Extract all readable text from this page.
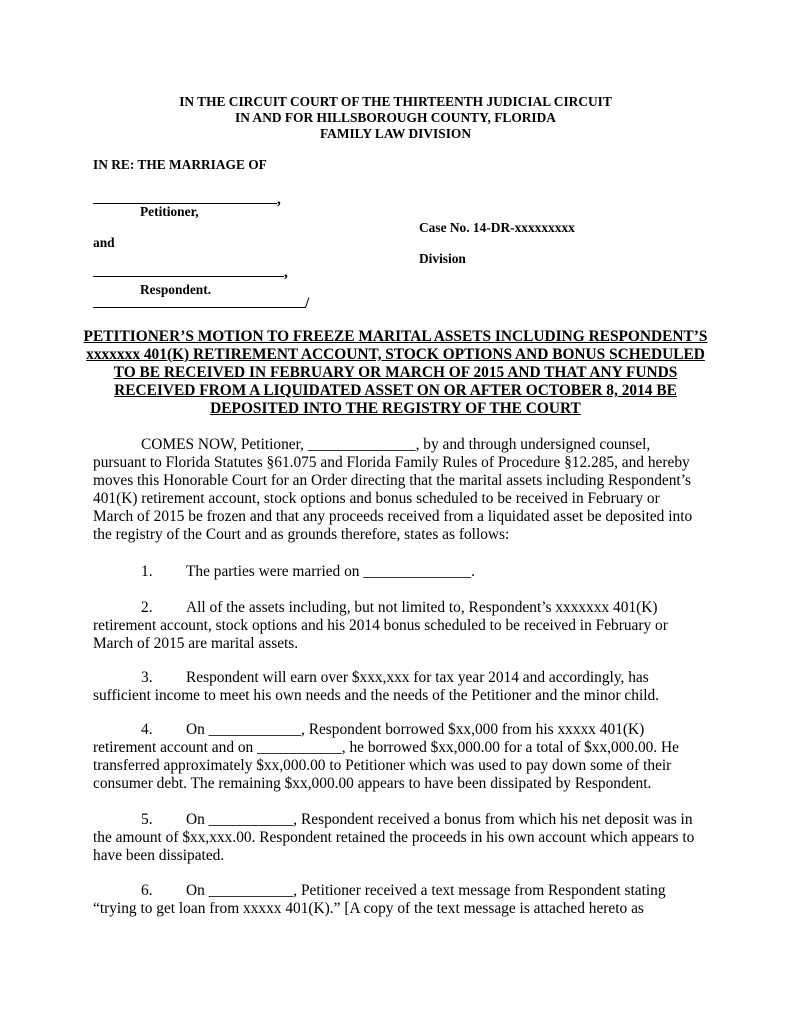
IN THE CIRCUIT COURT OF THE THIRTEENTH JUDICIAL CIRCUIT
IN AND FOR HILLSBOROUGH COUNTY, FLORIDA
FAMILY LAW DIVISION
IN RE: THE MARRIAGE OF
,
Petitioner,
Case No. 14-DR-xxxxxxxxx
and
Division
,
Respondent.
/
PETITIONER’S MOTION TO FREEZE MARITAL ASSETS INCLUDING RESPONDENT’S xxxxxxx 401(K) RETIREMENT ACCOUNT, STOCK OPTIONS AND BONUS SCHEDULED TO BE RECEIVED IN FEBRUARY OR MARCH OF 2015 AND THAT ANY FUNDS RECEIVED FROM A LIQUIDATED ASSET ON OR AFTER OCTOBER 8, 2014 BE DEPOSITED INTO THE REGISTRY OF THE COURT
COMES NOW, Petitioner, ______________, by and through undersigned counsel, pursuant to Florida Statutes §61.075 and Florida Family Rules of Procedure §12.285, and hereby moves this Honorable Court for an Order directing that the marital assets including Respondent’s 401(K) retirement account, stock options and bonus scheduled to be received in February or March of 2015 be frozen and that any proceeds received from a liquidated asset be deposited into the registry of the Court and as grounds therefore, states as follows:
1. The parties were married on ______________.
2. All of the assets including, but not limited to, Respondent’s xxxxxxx 401(K) retirement account, stock options and his 2014 bonus scheduled to be received in February or March of 2015 are marital assets.
3. Respondent will earn over $xxx,xxx for tax year 2014 and accordingly, has sufficient income to meet his own needs and the needs of the Petitioner and the minor child.
4. On ____________, Respondent borrowed $xx,000 from his xxxxx 401(K) retirement account and on ___________, he borrowed $xx,000.00 for a total of $xx,000.00. He transferred approximately $xx,000.00 to Petitioner which was used to pay down some of their consumer debt. The remaining $xx,000.00 appears to have been dissipated by Respondent.
5. On ___________, Respondent received a bonus from which his net deposit was in the amount of $xx,xxx.00. Respondent retained the proceeds in his own account which appears to have been dissipated.
6. On ___________, Petitioner received a text message from Respondent stating “trying to get loan from xxxxx 401(K).” [A copy of the text message is attached hereto as
